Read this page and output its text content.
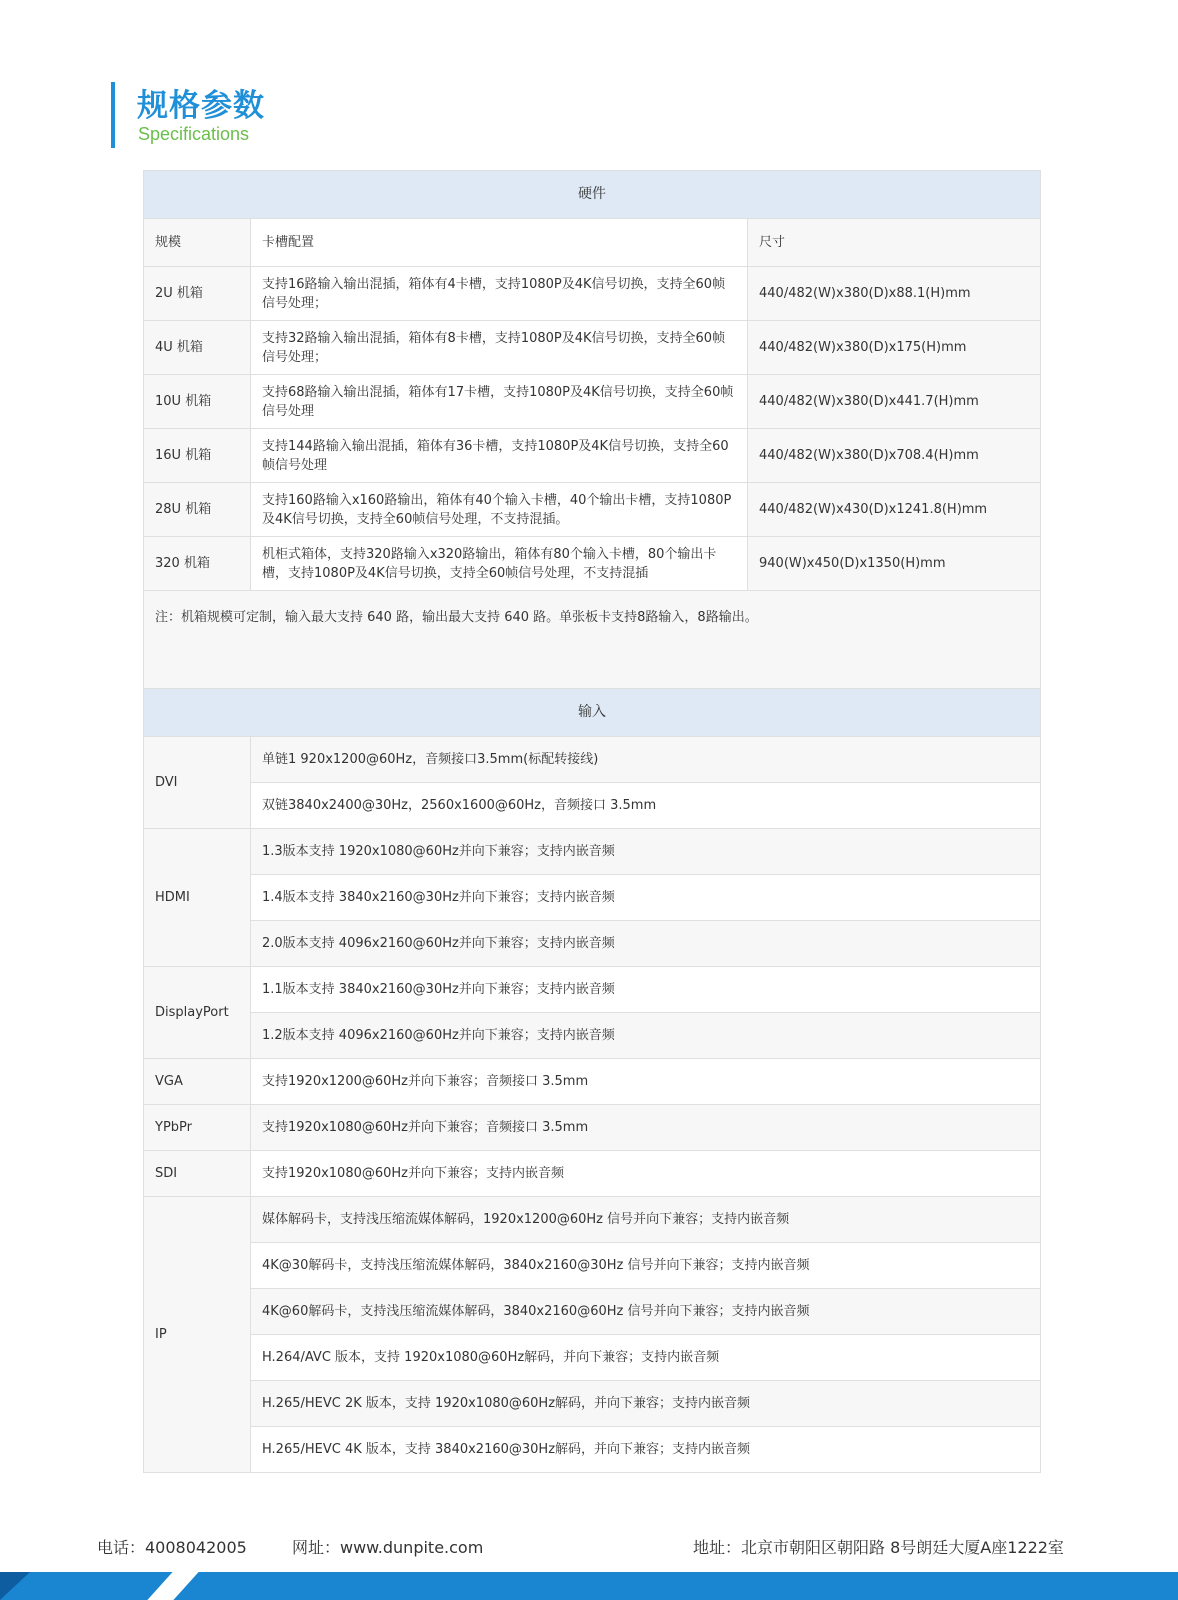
规格参数
Specifications
硬件		
规模	卡槽配置	尺寸
2U 机箱	支持16路输入输出混插，箱体有4卡槽，支持1080P及4K信号切换，支持全60帧信号处理；	440/482(W)x380(D)x88.1(H)mm
4U 机箱	支持32路输入输出混插，箱体有8卡槽，支持1080P及4K信号切换，支持全60帧信号处理；	440/482(W)x380(D)x175(H)mm
10U 机箱	支持68路输入输出混插，箱体有17卡槽，支持1080P及4K信号切换，支持全60帧信号处理	440/482(W)x380(D)x441.7(H)mm
16U 机箱	支持144路输入输出混插，箱体有36卡槽，支持1080P及4K信号切换，支持全60帧信号处理	440/482(W)x380(D)x708.4(H)mm
28U 机箱	支持160路输入x160路输出，箱体有40个输入卡槽，40个输出卡槽，支持1080P及4K信号切换，支持全60帧信号处理，不支持混插。	440/482(W)x430(D)x1241.8(H)mm
320 机箱	机柜式箱体，支持320路输入x320路输出，箱体有80个输入卡槽，80个输出卡槽，支持1080P及4K信号切换，支持全60帧信号处理，不支持混插	940(W)x450(D)x1350(H)mm
注：机箱规模可定制，输入最大支持 640 路，输出最大支持 640 路。单张板卡支持8路输入，8路输出。		
输入		
DVI	单链1 920x1200@60Hz，音频接口3.5mm(标配转接线)	
	双链3840x2400@30Hz，2560x1600@60Hz，音频接口 3.5mm	
HDMI	1.3版本支持 1920x1080@60Hz并向下兼容；支持内嵌音频	
	1.4版本支持 3840x2160@30Hz并向下兼容；支持内嵌音频	
	2.0版本支持 4096x2160@60Hz并向下兼容；支持内嵌音频	
DisplayPort	1.1版本支持 3840x2160@30Hz并向下兼容；支持内嵌音频	
	1.2版本支持 4096x2160@60Hz并向下兼容；支持内嵌音频	
VGA	支持1920x1200@60Hz并向下兼容；音频接口 3.5mm	
YPbPr	支持1920x1080@60Hz并向下兼容；音频接口 3.5mm	
SDI	支持1920x1080@60Hz并向下兼容；支持内嵌音频	
IP	媒体解码卡，支持浅压缩流媒体解码，1920x1200@60Hz 信号并向下兼容；支持内嵌音频	
	4K@30解码卡，支持浅压缩流媒体解码，3840x2160@30Hz 信号并向下兼容；支持内嵌音频	
	4K@60解码卡，支持浅压缩流媒体解码，3840x2160@60Hz 信号并向下兼容；支持内嵌音频	
	H.264/AVC 版本，支持 1920x1080@60Hz解码，并向下兼容；支持内嵌音频	
	H.265/HEVC 2K 版本，支持 1920x1080@60Hz解码，并向下兼容；支持内嵌音频	
	H.265/HEVC 4K 版本，支持 3840x2160@30Hz解码，并向下兼容；支持内嵌音频	
电话：4008042005	网址：www.dunpite.com	地址：北京市朝阳区朝阳路 8号朗廷大厦A座1222室
